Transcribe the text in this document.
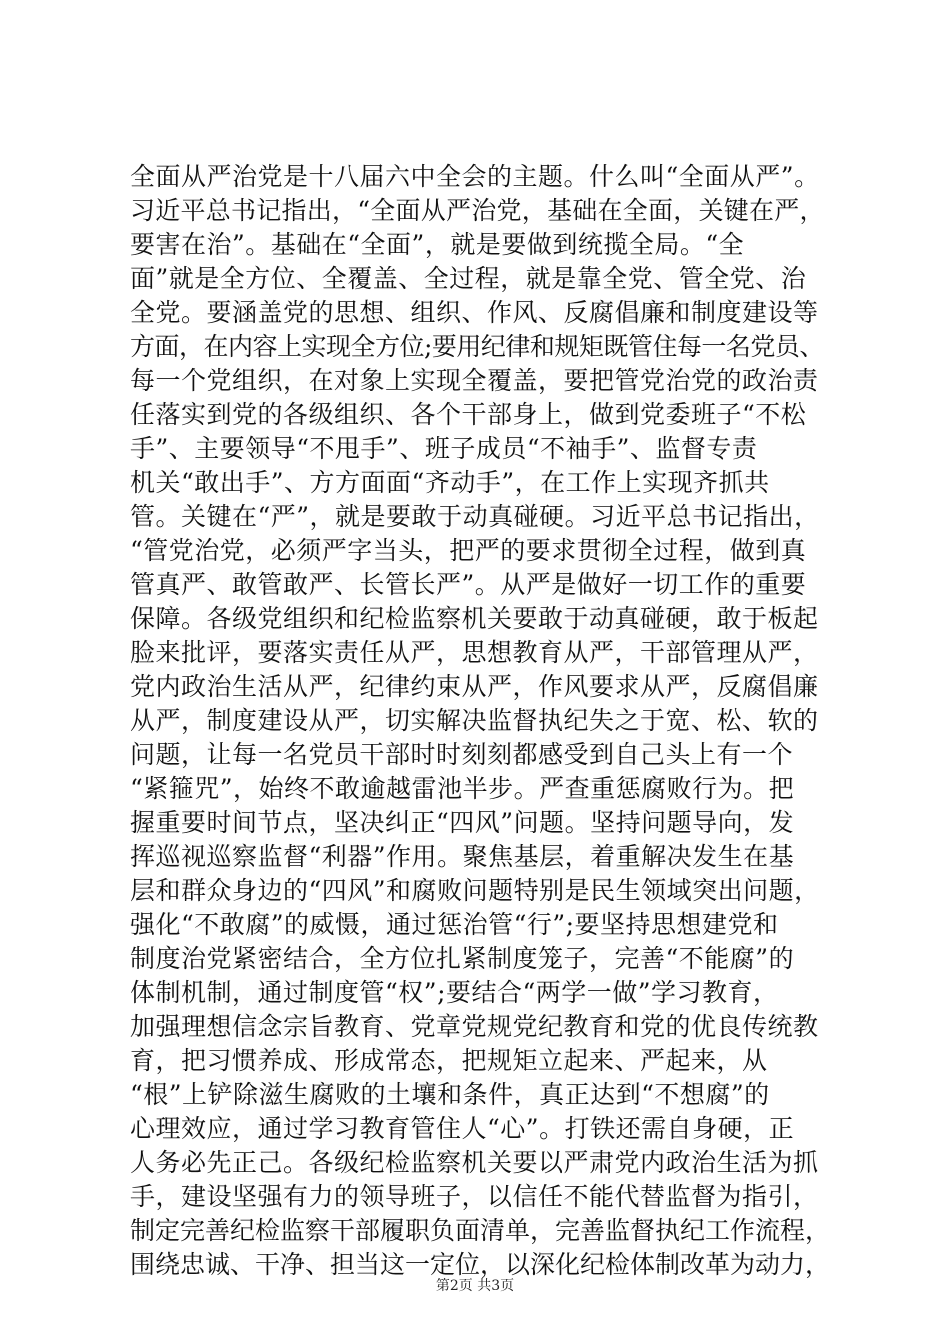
全面从严治党是十八届六中全会的主题。什么叫“全面从严”。
习近平总书记指出，“全面从严治党，基础在全面，关键在严，
要害在治”。基础在“全面”，就是要做到统揽全局。“全
面”就是全方位、全覆盖、全过程，就是靠全党、管全党、治
全党。要涵盖党的思想、组织、作风、反腐倡廉和制度建设等
方面，在内容上实现全方位;要用纪律和规矩既管住每一名党员、
每一个党组织，在对象上实现全覆盖，要把管党治党的政治责
任落实到党的各级组织、各个干部身上，做到党委班子“不松
手”、主要领导“不甩手”、班子成员“不袖手”、监督专责
机关“敢出手”、方方面面“齐动手”，在工作上实现齐抓共
管。关键在“严”，就是要敢于动真碰硬。习近平总书记指出，
“管党治党，必须严字当头，把严的要求贯彻全过程，做到真
管真严、敢管敢严、长管长严”。从严是做好一切工作的重要
保障。各级党组织和纪检监察机关要敢于动真碰硬，敢于板起
脸来批评，要落实责任从严，思想教育从严，干部管理从严，
党内政治生活从严，纪律约束从严，作风要求从严，反腐倡廉
从严，制度建设从严，切实解决监督执纪失之于宽、松、软的
问题，让每一名党员干部时时刻刻都感受到自己头上有一个
“紧箍咒”，始终不敢逾越雷池半步。严查重惩腐败行为。把
握重要时间节点，坚决纠正“四风”问题。坚持问题导向，发
挥巡视巡察监督“利器”作用。聚焦基层，着重解决发生在基
层和群众身边的“四风”和腐败问题特别是民生领域突出问题，
强化“不敢腐”的威慑，通过惩治管“行”;要坚持思想建党和
制度治党紧密结合，全方位扎紧制度笼子，完善“不能腐”的
体制机制，通过制度管“权”;要结合“两学一做”学习教育，
加强理想信念宗旨教育、党章党规党纪教育和党的优良传统教
育，把习惯养成、形成常态，把规矩立起来、严起来，从
“根”上铲除滋生腐败的土壤和条件，真正达到“不想腐”的
心理效应，通过学习教育管住人“心”。打铁还需自身硬，正
人务必先正己。各级纪检监察机关要以严肃党内政治生活为抓
手，建设坚强有力的领导班子，以信任不能代替监督为指引，
制定完善纪检监察干部履职负面清单，完善监督执纪工作流程，
围绕忠诚、干净、担当这一定位，以深化纪检体制改革为动力，
第2页 共3页
